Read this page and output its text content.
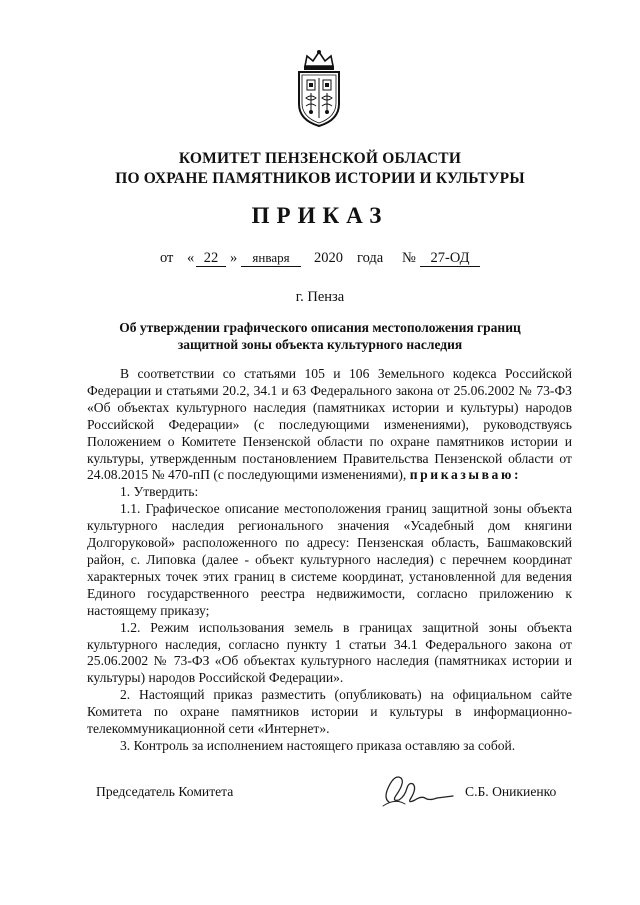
КОМИТЕТ ПЕНЗЕНСКОЙ ОБЛАСТИ
ПО ОХРАНЕ ПАМЯТНИКОВ ИСТОРИИ И КУЛЬТУРЫ
ПРИКАЗ
от « 22 »	января	2020 года №	27-ОД
г. Пенза
Об утверждении графического описания местоположения границ
защитной зоны объекта культурного наследия

В соответствии со статьями 105 и 106 Земельного кодекса Российской Федерации и статьями 20.2, 34.1 и 63 Федерального закона от 25.06.2002 № 73-ФЗ «Об объектах культурного наследия (памятниках истории и культуры) народов Российской Федерации» (с последующими изменениями), руководствуясь Положением о Комитете Пензенской области по охране памятников истории и культуры, утвержденным постановлением Правительства Пензенской области от 24.08.2015 № 470-пП (с последующими изменениями), приказываю:

1. Утвердить:

1.1. Графическое описание местоположения границ защитной зоны объекта культурного наследия регионального значения «Усадебный дом княгини Долгоруковой» расположенного по адресу: Пензенская область, Башмаковский район, с. Липовка (далее - объект культурного наследия) с перечнем координат характерных точек этих границ в системе координат, установленной для ведения Единого государственного реестра недвижимости, согласно приложению к настоящему приказу;

1.2. Режим использования земель в границах защитной зоны объекта культурного наследия, согласно пункту 1 статьи 34.1 Федерального закона от 25.06.2002 № 73-ФЗ «Об объектах культурного наследия (памятниках истории и культуры) народов Российской Федерации».

2. Настоящий приказ разместить (опубликовать) на официальном сайте Комитета по охране памятников истории и культуры в информационно-телекоммуникационной сети «Интернет».

3. Контроль за исполнением настоящего приказа оставляю за собой.

Председатель Комитета	С.Б. Оникиенко
